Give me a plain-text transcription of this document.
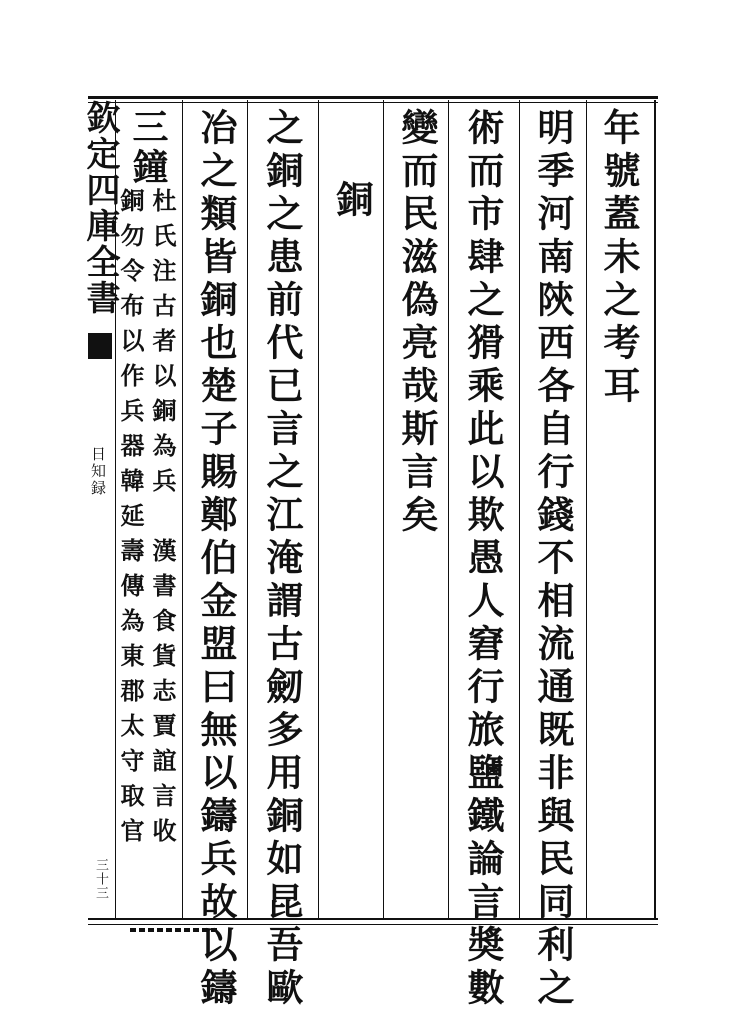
欽定四庫全書
日知録
三十三
年號蓋未之考耳
明季河南陝西各自行錢不相流通既非與民同利之
術而市肆之猾乘此以欺愚人窘行旅鹽鐵論言奬數
變而民滋偽亮哉斯言矣
銅
之銅之患前代已言之江淹謂古劒多用銅如昆吾歐
冶之類皆銅也楚子賜鄭伯金盟曰無以鑄兵故以鑄
三鐘
杜氏注古者以銅為兵　漢書食貨志賈誼言收
銅勿令布以作兵器韓延壽傳為東郡太守取官
